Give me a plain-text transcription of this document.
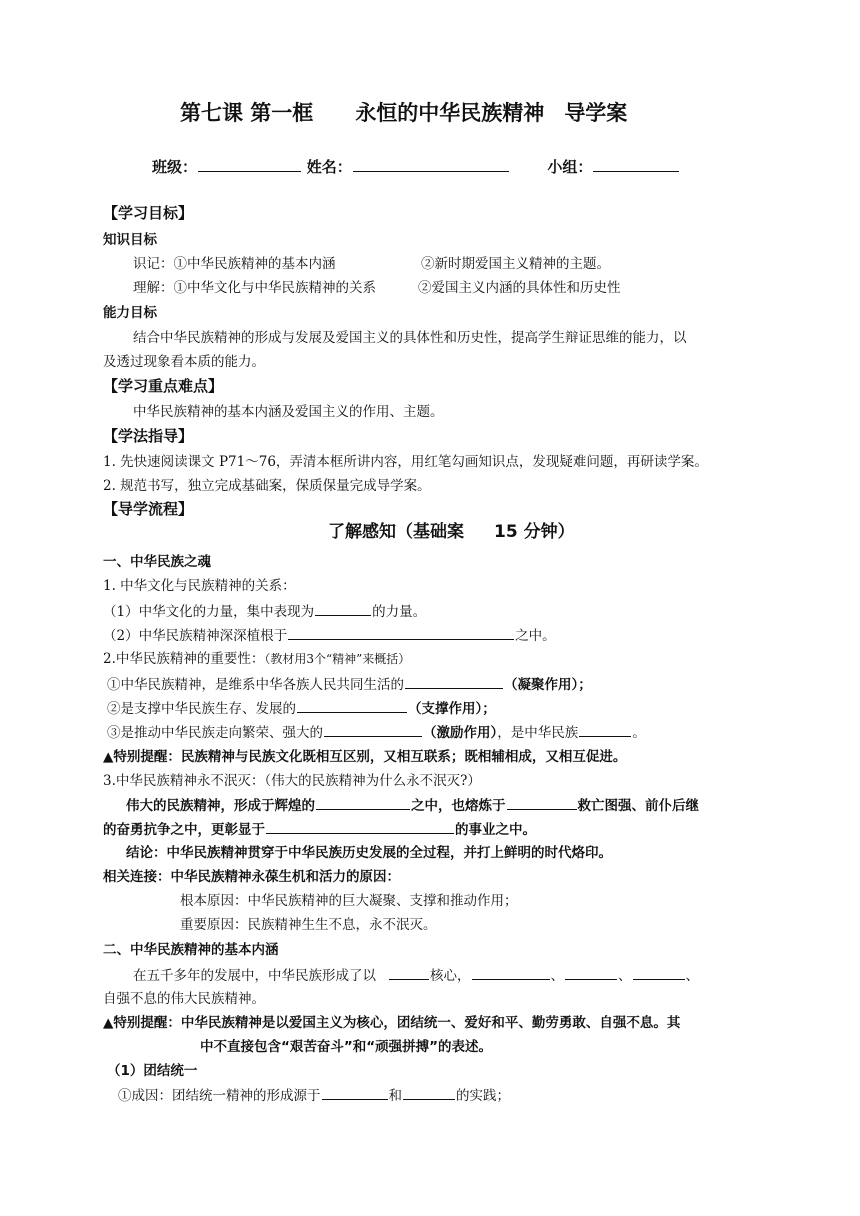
第七课 第一框 永恒的中华民族精神 导学案
班级：	姓名：	小组：
【学习目标】
知识目标
识记：①中华民族精神的基本内涵	②新时期爱国主义精神的主题。
理解：①中华文化与中华民族精神的关系	②爱国主义内涵的具体性和历史性
能力目标
结合中华民族精神的形成与发展及爱国主义的具体性和历史性，提高学生辩证思维的能力，以
及透过现象看本质的能力。
【学习重点难点】
中华民族精神的基本内涵及爱国主义的作用、主题。
【学法指导】
1. 先快速阅读课文 P71～76，弄清本框所讲内容，用红笔勾画知识点，发现疑难问题，再研读学案。
2. 规范书写，独立完成基础案，保质保量完成导学案。
【导学流程】
了解感知（基础案 15 分钟）
一、中华民族之魂
1. 中华文化与民族精神的关系：
（1）中华文化的力量，集中表现为	的力量。
（2）中华民族精神深深植根于	之中。
2.中华民族精神的重要性：（教材用3个“精神”来概括）
①中华民族精神，是维系中华各族人民共同生活的	（凝聚作用）；
②是支撑中华民族生存、发展的	（支撑作用）；
③是推动中华民族走向繁荣、强大的	（激励作用），是中华民族	。
▲特别提醒：民族精神与民族文化既相互区别，又相互联系；既相辅相成，又相互促进。
3.中华民族精神永不泯灭：（伟大的民族精神为什么永不泯灭?）
伟大的民族精神，形成于辉煌的	之中，也熔炼于	救亡图强、前仆后继
的奋勇抗争之中，更彰显于	的事业之中。
结论：中华民族精神贯穿于中华民族历史发展的全过程，并打上鲜明的时代烙印。
相关连接：中华民族精神永葆生机和活力的原因：
根本原因：中华民族精神的巨大凝聚、支撑和推动作用；
重要原因：民族精神生生不息，永不泯灭。
二、中华民族精神的基本内涵
在五千多年的发展中，中华民族形成了以	核心，	、	、	、
自强不息的伟大民族精神。
▲特别提醒：中华民族精神是以爱国主义为核心，团结统一、爱好和平、勤劳勇敢、自强不息。其
中不直接包含“艰苦奋斗”和“顽强拼搏”的表述。
（1）团结统一
①成因：团结统一精神的形成源于	和	的实践；
